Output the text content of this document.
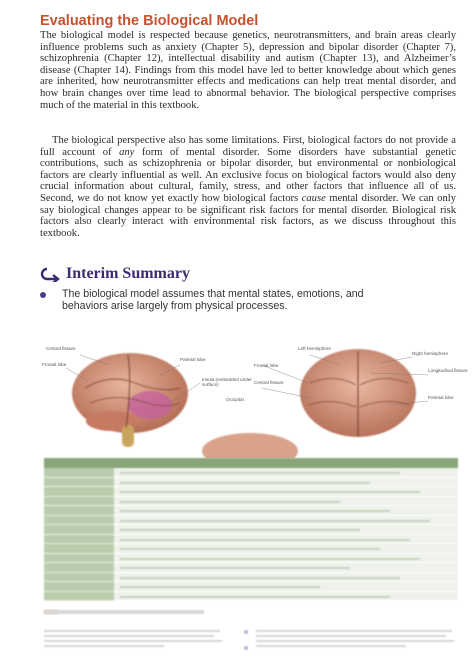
Evaluating the Biological Model

The biological model is respected because genetics, neurotransmitters, and brain areas clearly influence problems such as anxiety (Chapter 5), depression and bipolar disorder (Chapter 7), schizophrenia (Chapter 12), intellectual disability and autism (Chapter 13), and Alzheimer’s disease (Chapter 14). Findings from this model have led to better knowledge about which genes are inherited, how neurotransmitter effects and medications can help treat mental disorder, and how brain changes over time lead to abnormal behavior. The biological perspective comprises much of the material in this textbook.

The biological perspective also has some limitations. First, biological factors do not provide a full account of any form of mental disorder. Some disorders have substantial genetic contributions, such as schizophrenia or bipolar disorder, but environmental or nonbiological factors are clearly influential as well. An exclusive focus on biological factors would also deny crucial information about cultural, family, stress, and other factors that influence all of us. Second, we do not know yet exactly how biological factors cause mental disorder. We can only say biological changes appear to be significant risk factors for mental disorder. Biological risk factors also clearly interact with environmental risk factors, as we discuss throughout this textbook.

Interim Summary
The biological model assumes that mental states, emotions, and behaviors arise largely from physical processes.
Central fissure
Frontal lobe
Parietal lobe
Insula (embedded under surface)
Occipital
Left hemisphere
Frontal lobe
Right hemisphere
Longitudinal fissure
Central fissure
Parietal lobe
